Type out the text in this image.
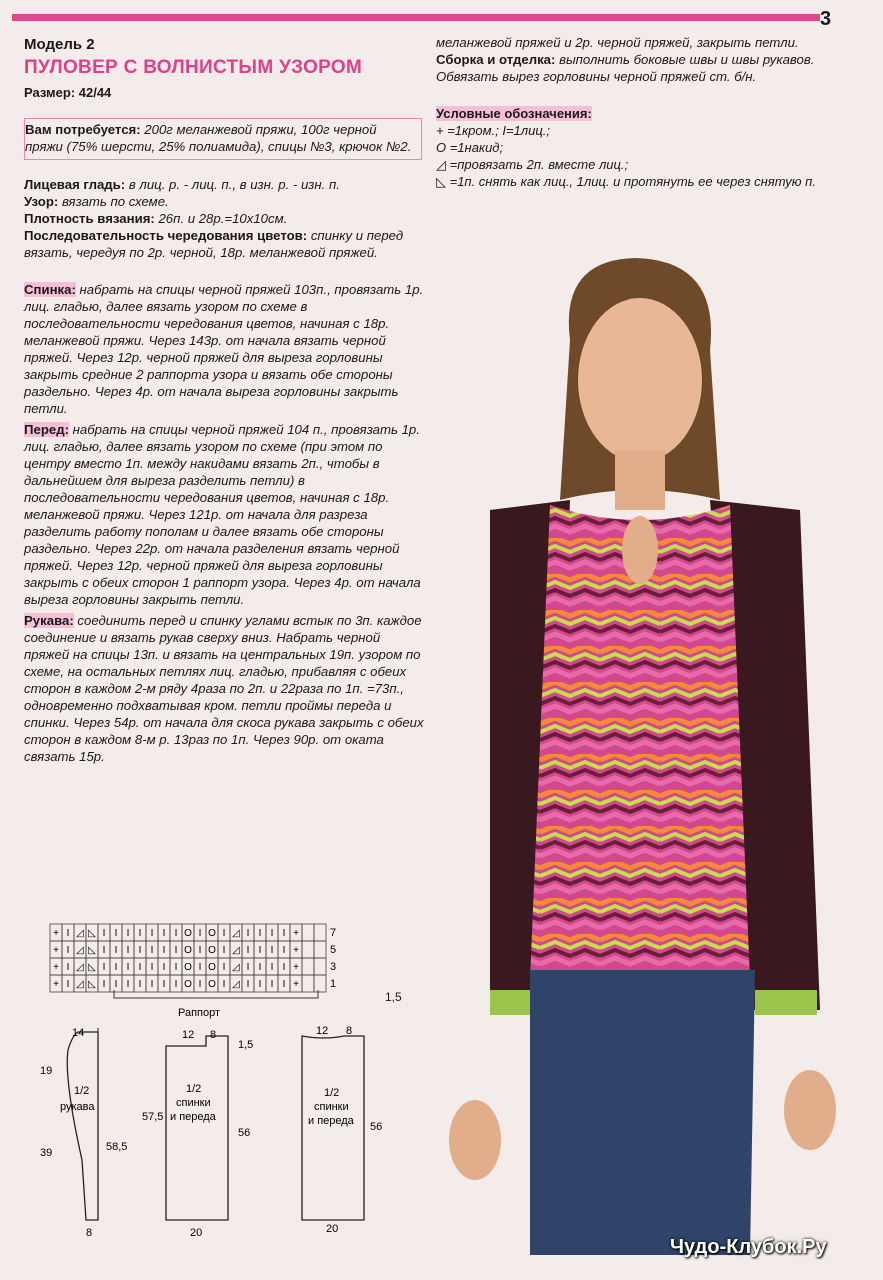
3
Модель 2
ПУЛОВЕР С ВОЛНИСТЫМ УЗОРОМ
Размер: 42/44
Вам потребуется: 200г меланжевой пряжи, 100г черной пряжи (75% шерсти, 25% полиамида), спицы №3, крючок №2.

Лицевая гладь: в лиц. р. - лиц. п., в изн. р. - изн. п.

Узор: вязать по схеме.

Плотность вязания: 26п. и 28р.=10х10см.

Последовательность чередования цветов: спинку и перед вязать, чередуя по 2р. черной, 18р. меланжевой пряжей.

Спинка: набрать на спицы черной пряжей 103п., провязать 1р. лиц. гладью, далее вязать узором по схеме в последовательности чередования цветов, начиная с 18р. меланжевой пряжи. Через 143р. от начала вязать черной пряжей. Через 12р. черной пряжей для выреза горловины закрыть средние 2 раппорта узора и вязать обе стороны раздельно. Через 4р. от начала выреза горловины закрыть петли.

Перед: набрать на спицы черной пряжей 104 п., провязать 1р. лиц. гладью, далее вязать узором по схеме (при этом по центру вместо 1п. между накидами вязать 2п., чтобы в дальнейшем для выреза разделить петли) в последовательности чередования цветов, начиная с 18р. меланжевой пряжи. Через 121р. от начала для разреза разделить работу пополам и далее вязать обе стороны раздельно. Через 22р. от начала разделения вязать черной пряжей. Через 12р. черной пряжей для выреза горловины закрыть с обеих сторон 1 раппорт узора. Через 4р. от начала выреза горловины закрыть петли.

Рукава: соединить перед и спинку углами встык по 3п. каждое соединение и вязать рукав сверху вниз. Набрать черной пряжей на спицы 13п. и вязать на центральных 19п. узором по схеме, на остальных петлях лиц. гладью, прибавляя с обеих сторон в каждом 2-м ряду 4раза по 2п. и 22раза по 1п. =73п., одновременно подхватывая кром. петли проймы переда и спинки. Через 54р. от начала для скоса рукава закрыть с обеих сторон в каждом 8-м р. 13раз по 1п. Через 90р. от оката связать 15р.

меланжевой пряжей и 2р. черной пряжей, закрыть петли.

Сборка и отделка: выполнить боковые швы и швы рукавов. Обвязать вырез горловины черной пряжей ст. б/н.

Условные обозначения:

+ =1кром.; I=1лиц.;

O =1накид;

◿ =провязать 2п. вместе лиц.;

◺ =1п. снять как лиц., 1лиц. и протянуть ее через снятую п.

+ I ◿ ◺ I I I I I I I O I O I ◿ I I I I +
+ I ◿ ◺ I I I I I I I O I O I ◿ I I I I +
+ I ◿ ◺ I I I I I I I O I O I ◿ I I I I +
+ I ◿ ◺ I I I I I I I O I O I ◿ I I I I +
7
5
3
1
Раппорт
1,5
14
19
39
1/2
рукава
58,5
8
12 8
1,5
1/2
спинки
и переда
57,5
56
20
12 8
1/2
спинки
и переда 56
20
Чудо-Клубок.Ру
